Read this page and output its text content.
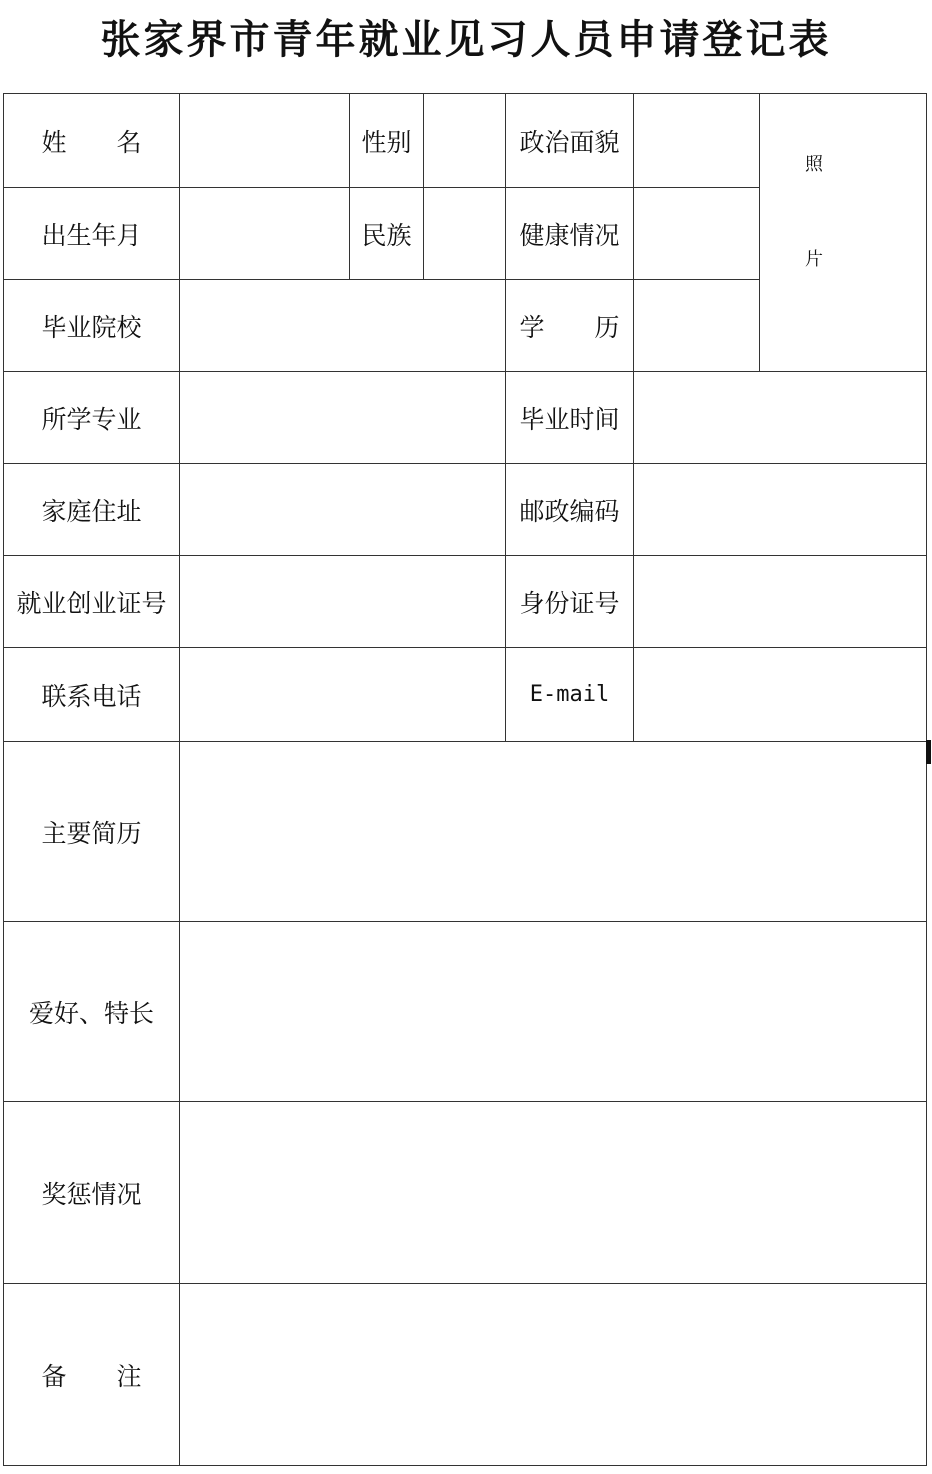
张家界市青年就业见习人员申请登记表
姓　　名	性别	政治面貌
照
片
出生年月	民族	健康情况
毕业院校	学　　历
所学专业	毕业时间
家庭住址	邮政编码
就业创业证号	身份证号
联系电话	E-mail
主要简历
爱好、特长
奖惩情况
备　　注
